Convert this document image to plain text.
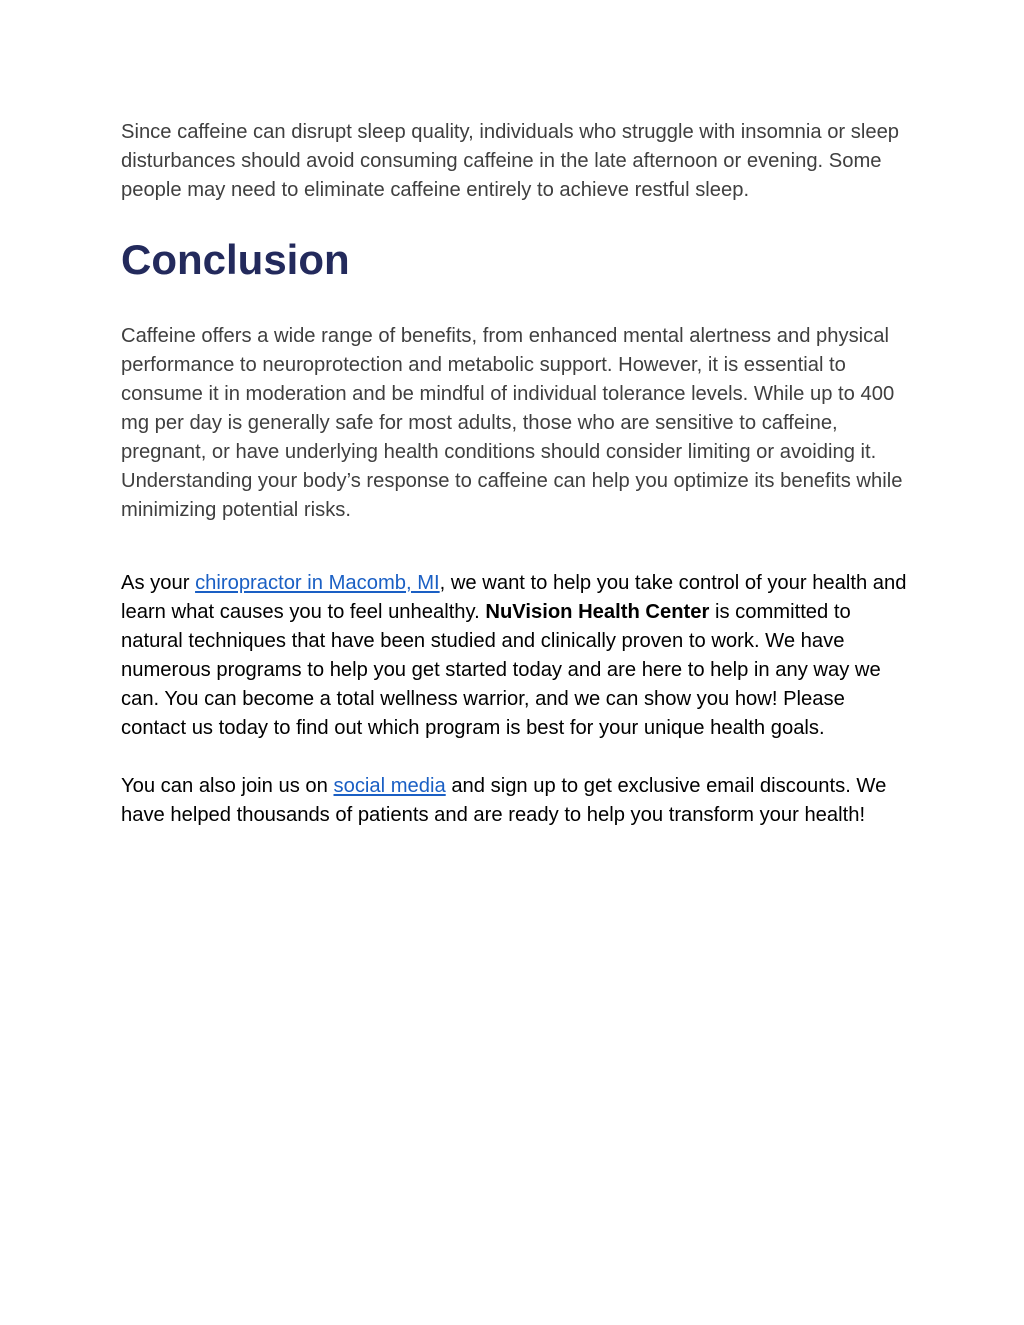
Since caffeine can disrupt sleep quality, individuals who struggle with insomnia or sleep disturbances should avoid consuming caffeine in the late afternoon or evening. Some people may need to eliminate caffeine entirely to achieve restful sleep.

Conclusion

Caffeine offers a wide range of benefits, from enhanced mental alertness and physical performance to neuroprotection and metabolic support. However, it is essential to consume it in moderation and be mindful of individual tolerance levels. While up to 400 mg per day is generally safe for most adults, those who are sensitive to caffeine, pregnant, or have underlying health conditions should consider limiting or avoiding it. Understanding your body’s response to caffeine can help you optimize its benefits while minimizing potential risks.

As your chiropractor in Macomb, MI, we want to help you take control of your health and learn what causes you to feel unhealthy. NuVision Health Center is committed to natural techniques that have been studied and clinically proven to work. We have numerous programs to help you get started today and are here to help in any way we can. You can become a total wellness warrior, and we can show you how! Please contact us today to find out which program is best for your unique health goals.

You can also join us on social media and sign up to get exclusive email discounts. We have helped thousands of patients and are ready to help you transform your health!
